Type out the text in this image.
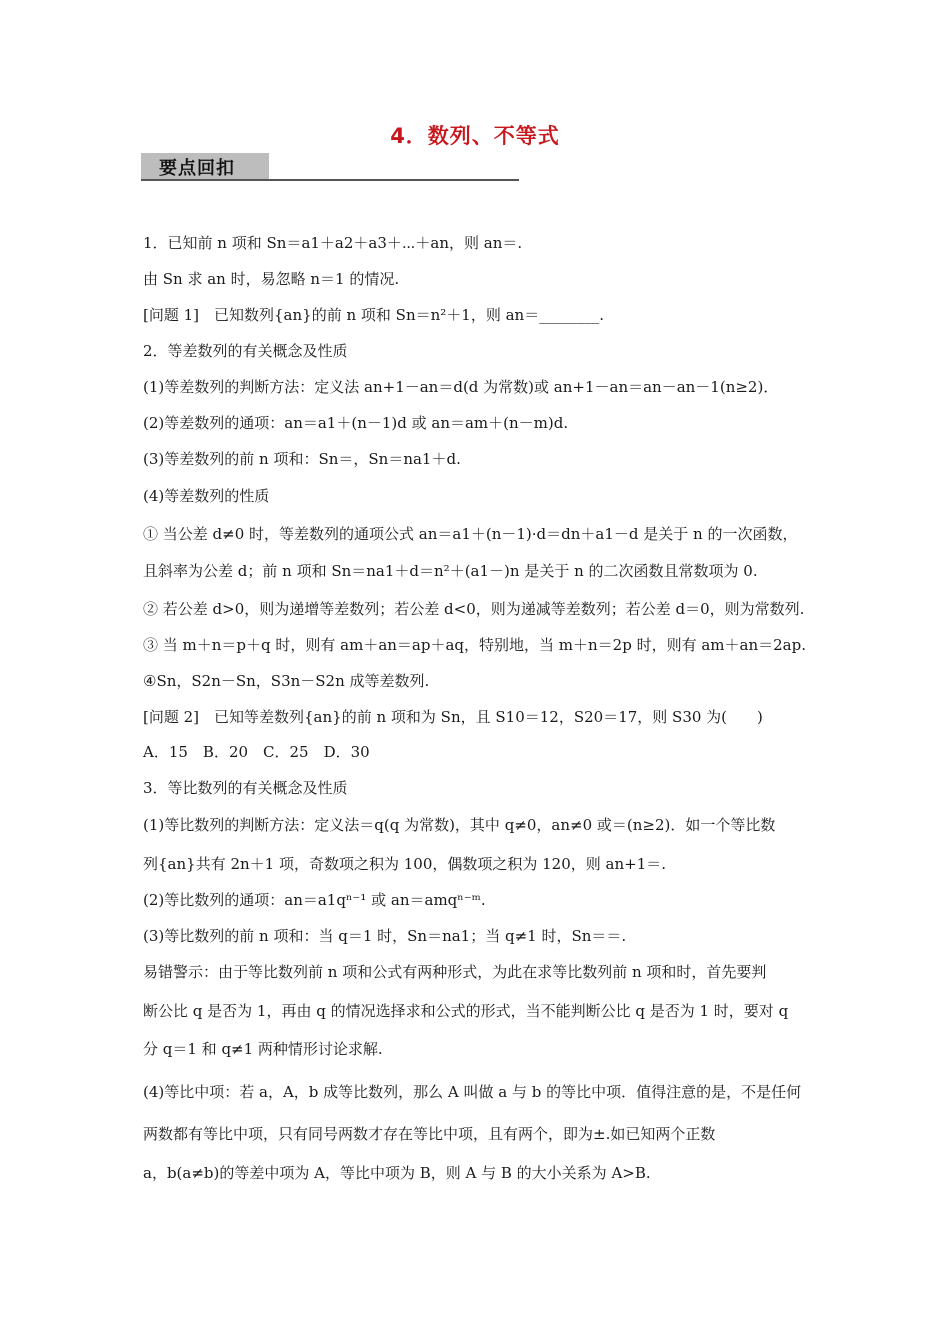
4．数列、不等式
要点回扣
1．已知前 n 项和 Sn＝a1＋a2＋a3＋⋯＋an，则 an＝.
由 Sn 求 an 时，易忽略 n＝1 的情况.
[问题 1]　已知数列{an}的前 n 项和 Sn＝n²＋1，则 an＝________.
2．等差数列的有关概念及性质
(1)等差数列的判断方法：定义法 an+1－an＝d(d 为常数)或 an+1－an＝an－an－1(n≥2)．
(2)等差数列的通项：an＝a1＋(n－1)d 或 an＝am＋(n－m)d.
(3)等差数列的前 n 项和：Sn＝，Sn＝na1＋d.
(4)等差数列的性质
① 当公差 d≠0 时，等差数列的通项公式 an＝a1＋(n－1)·d＝dn＋a1－d 是关于 n 的一次函数，
且斜率为公差 d；前 n 项和 Sn＝na1＋d＝n²＋(a1－)n 是关于 n 的二次函数且常数项为 0.
② 若公差 d>0，则为递增等差数列；若公差 d<0，则为递减等差数列；若公差 d＝0，则为常数列.
③ 当 m＋n＝p＋q 时，则有 am＋an＝ap＋aq，特别地，当 m＋n＝2p 时，则有 am＋an＝2ap.
④Sn，S2n－Sn，S3n－S2n 成等差数列.
[问题 2]　已知等差数列{an}的前 n 项和为 Sn，且 S10＝12，S20＝17，则 S30 为(　　)
A．15　B．20　C．25　D．30
3．等比数列的有关概念及性质
(1)等比数列的判断方法：定义法＝q(q 为常数)，其中 q≠0，an≠0 或＝(n≥2)．如一个等比数
列{an}共有 2n＋1 项，奇数项之积为 100，偶数项之积为 120，则 an+1＝.
(2)等比数列的通项：an＝a1qⁿ⁻¹ 或 an＝amqⁿ⁻ᵐ.
(3)等比数列的前 n 项和：当 q＝1 时，Sn＝na1；当 q≠1 时，Sn＝＝.
易错警示：由于等比数列前 n 项和公式有两种形式，为此在求等比数列前 n 项和时，首先要判
断公比 q 是否为 1，再由 q 的情况选择求和公式的形式，当不能判断公比 q 是否为 1 时，要对 q
分 q＝1 和 q≠1 两种情形讨论求解.
(4)等比中项：若 a，A，b 成等比数列，那么 A 叫做 a 与 b 的等比中项．值得注意的是，不是任何
两数都有等比中项，只有同号两数才存在等比中项，且有两个，即为±.如已知两个正数
a，b(a≠b)的等差中项为 A，等比中项为 B，则 A 与 B 的大小关系为 A>B.
